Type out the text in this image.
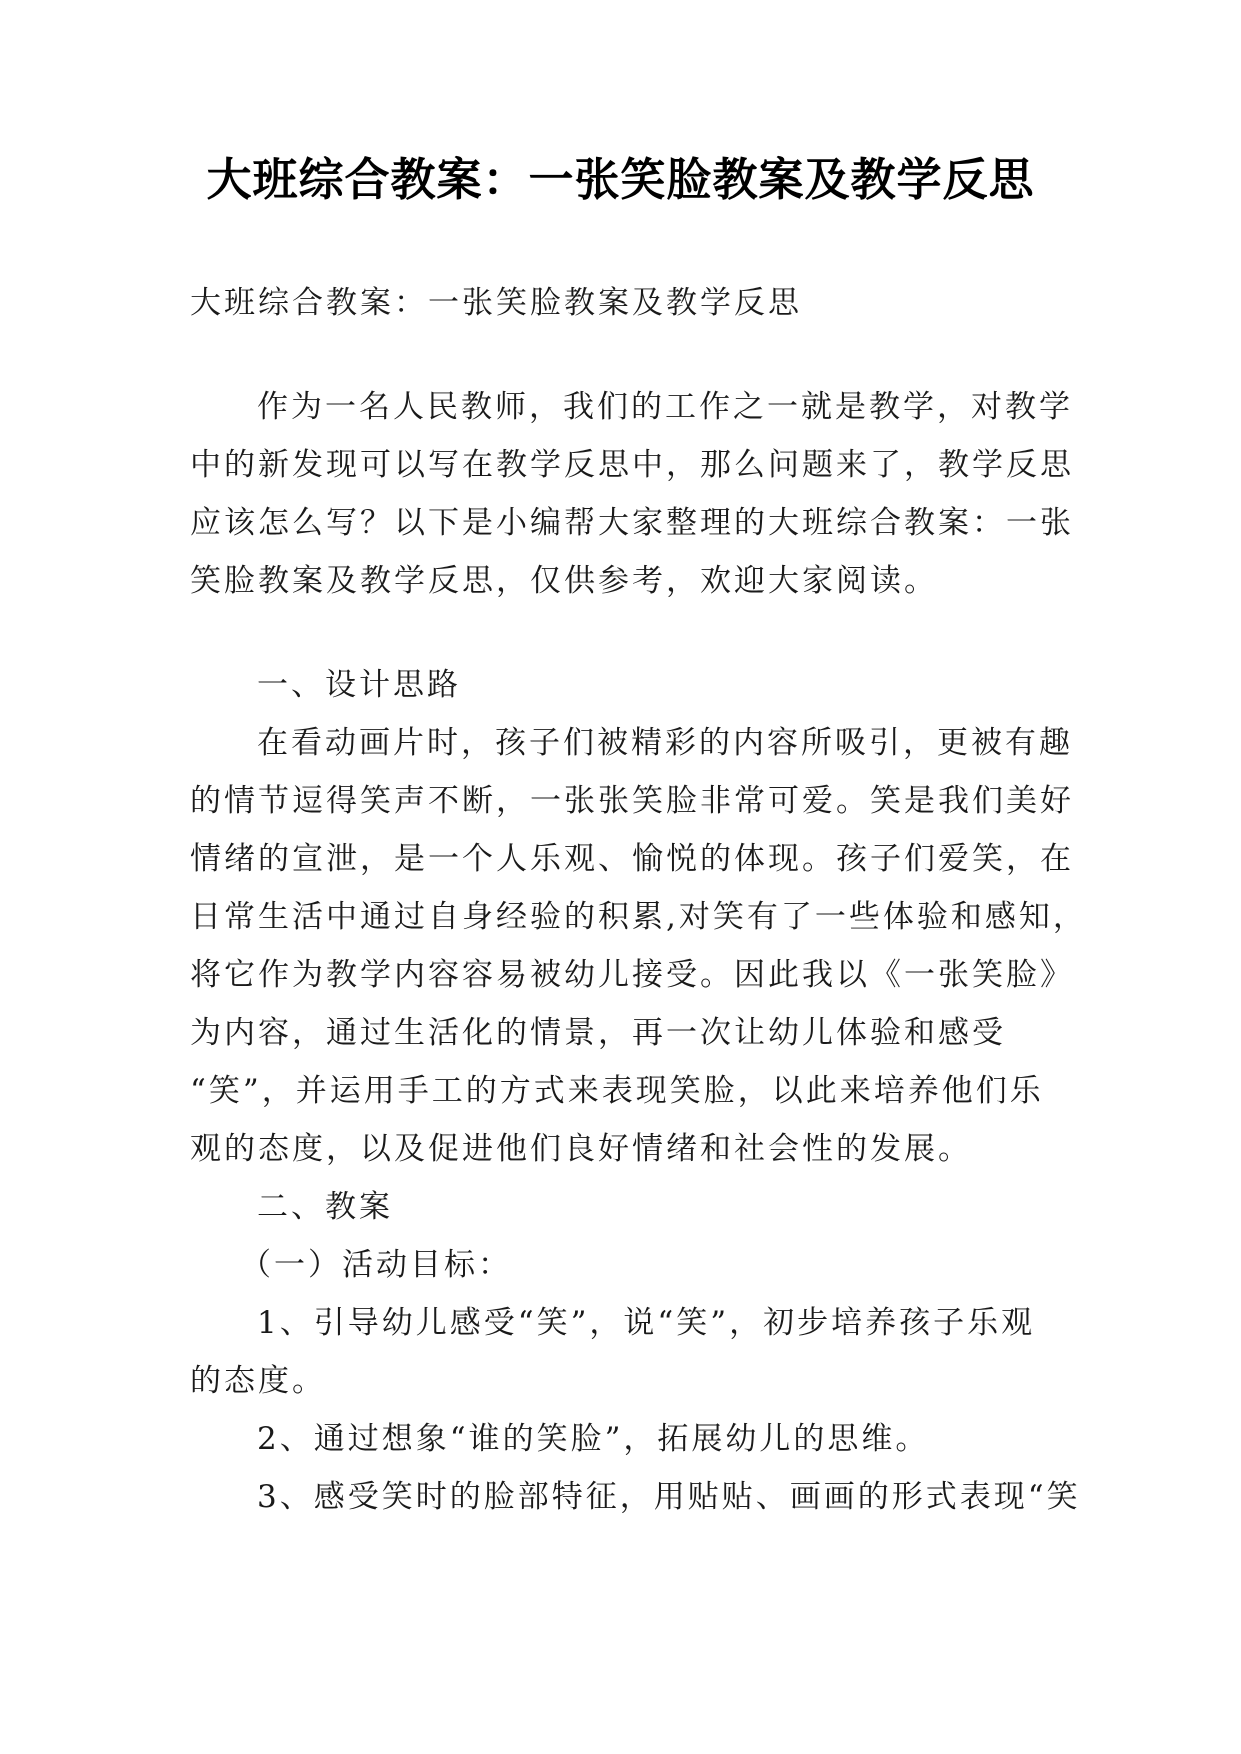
大班综合教案：一张笑脸教案及教学反思
大班综合教案：一张笑脸教案及教学反思
作为一名人民教师，我们的工作之一就是教学，对教学
中的新发现可以写在教学反思中，那么问题来了，教学反思
应该怎么写？以下是小编帮大家整理的大班综合教案：一张
笑脸教案及教学反思，仅供参考，欢迎大家阅读。
一、设计思路
在看动画片时，孩子们被精彩的内容所吸引，更被有趣
的情节逗得笑声不断，一张张笑脸非常可爱。笑是我们美好
情绪的宣泄，是一个人乐观、愉悦的体现。孩子们爱笑，在
日常生活中通过自身经验的积累,对笑有了一些体验和感知，
将它作为教学内容容易被幼儿接受。因此我以《一张笑脸》
为内容，通过生活化的情景，再一次让幼儿体验和感受
“笑”，并运用手工的方式来表现笑脸，以此来培养他们乐
观的态度，以及促进他们良好情绪和社会性的发展。
二、教案
（一）活动目标：
1、引导幼儿感受“笑”，说“笑”，初步培养孩子乐观
的态度。
2、通过想象“谁的笑脸”，拓展幼儿的思维。
3、感受笑时的脸部特征，用贴贴、画画的形式表现“笑
